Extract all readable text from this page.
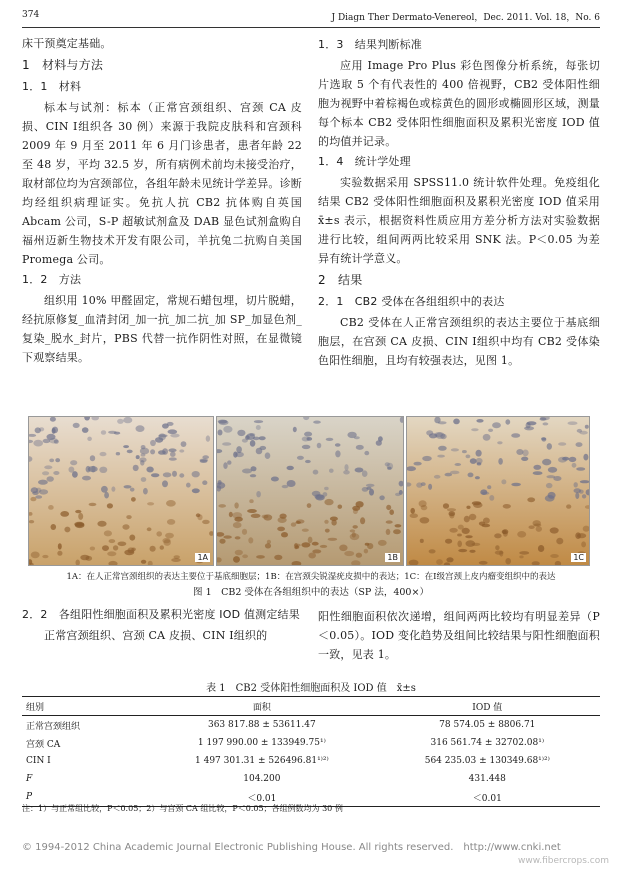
374	J Diagn Ther Dermato-Venereol，Dec. 2011. Vol. 18，No. 6

床干预奠定基础。

1　材料与方法
1．1　材料

标本与试剂：标本（正常宫颈组织、宫颈 CA 皮损、CIN Ⅰ组织各 30 例）来源于我院皮肤科和宫颈科 2009 年 9 月至 2011 年 6 月门诊患者，患者年龄 22 至 48 岁，平均 32.5 岁，所有病例术前均未接受治疗，取材部位均为宫颈部位，各组年龄未见统计学差异。诊断均经组织病理证实。免抗人抗 CB2 抗体购自英国 Abcam 公司，S-P 超敏试剂盒及 DAB 显色试剂盒购自福州迈新生物技术开发有限公司，羊抗兔二抗购自美国 Promega 公司。

1．2　方法

组织用 10% 甲醛固定，常规石蜡包埋，切片脱蜡，经抗原修复_血清封闭_加一抗_加二抗_加 SP_加显色剂_复染_脱水_封片，PBS 代替一抗作阴性对照，在显微镜下观察结果。

1．3　结果判断标准

应用 Image Pro Plus 彩色图像分析系统，每张切片选取 5 个有代表性的 400 倍视野，CB2 受体阳性细胞为视野中着棕褐色或棕黄色的圆形或椭圆形区域，测量每个标本 CB2 受体阳性细胞面积及累积光密度 IOD 值的均值并记录。

1．4　统计学处理

实验数据采用 SPSS11.0 统计软件处理。免疫组化结果 CB2 受体阳性细胞面积及累积光密度 IOD 值采用 x̄±s 表示，根据资料性质应用方差分析方法对实验数据进行比较，组间两两比较采用 SNK 法。P＜0.05 为差异有统计学意义。

2　结果
2．1　CB2 受体在各组组织中的表达

CB2 受体在人正常宫颈组织的表达主要位于基底细胞层，在宫颈 CA 皮损、CIN Ⅰ组织中均有 CB2 受体染色阳性细胞，且均有较强表达，见图 1。

1A	1B	1C
1A：在人正常宫颈组织的表达主要位于基底细胞层；1B：在宫颈尖锐湿疣皮损中的表达；1C：在Ⅰ级宫颈上皮内瘤变组织中的表达
图 1　CB2 受体在各组组织中的表达（SP 法，400×）
2．2　各组阳性细胞面积及累积光密度 IOD 值测定结果

正常宫颈组织、宫颈 CA 皮损、CIN Ⅰ组织的

阳性细胞面积依次递增，组间两两比较均有明显差异（P＜0.05）。IOD 变化趋势及组间比较结果与阳性细胞面积一致，见表 1。

表 1　CB2 受体阳性细胞面积及 IOD 值　x̄±s
组别	面积	IOD 值
正常宫颈组织	363 817.88 ± 53611.47	78 574.05 ± 8806.71
宫颈 CA	1 197 990.00 ± 133949.75¹⁾	316 561.74 ± 32702.08¹⁾
CIN Ⅰ	1 497 301.31 ± 526496.81¹⁾²⁾	564 235.03 ± 130349.68¹⁾²⁾
F	104.200	431.448
P	＜0.01	＜0.01
注：1）与正常组比较，P＜0.05；2）与宫颈 CA 组比较，P＜0.05；各组例数均为 30 例
© 1994-2012 China Academic Journal Electronic Publishing House. All rights reserved.　http://www.cnki.net
www.fibercrops.com
